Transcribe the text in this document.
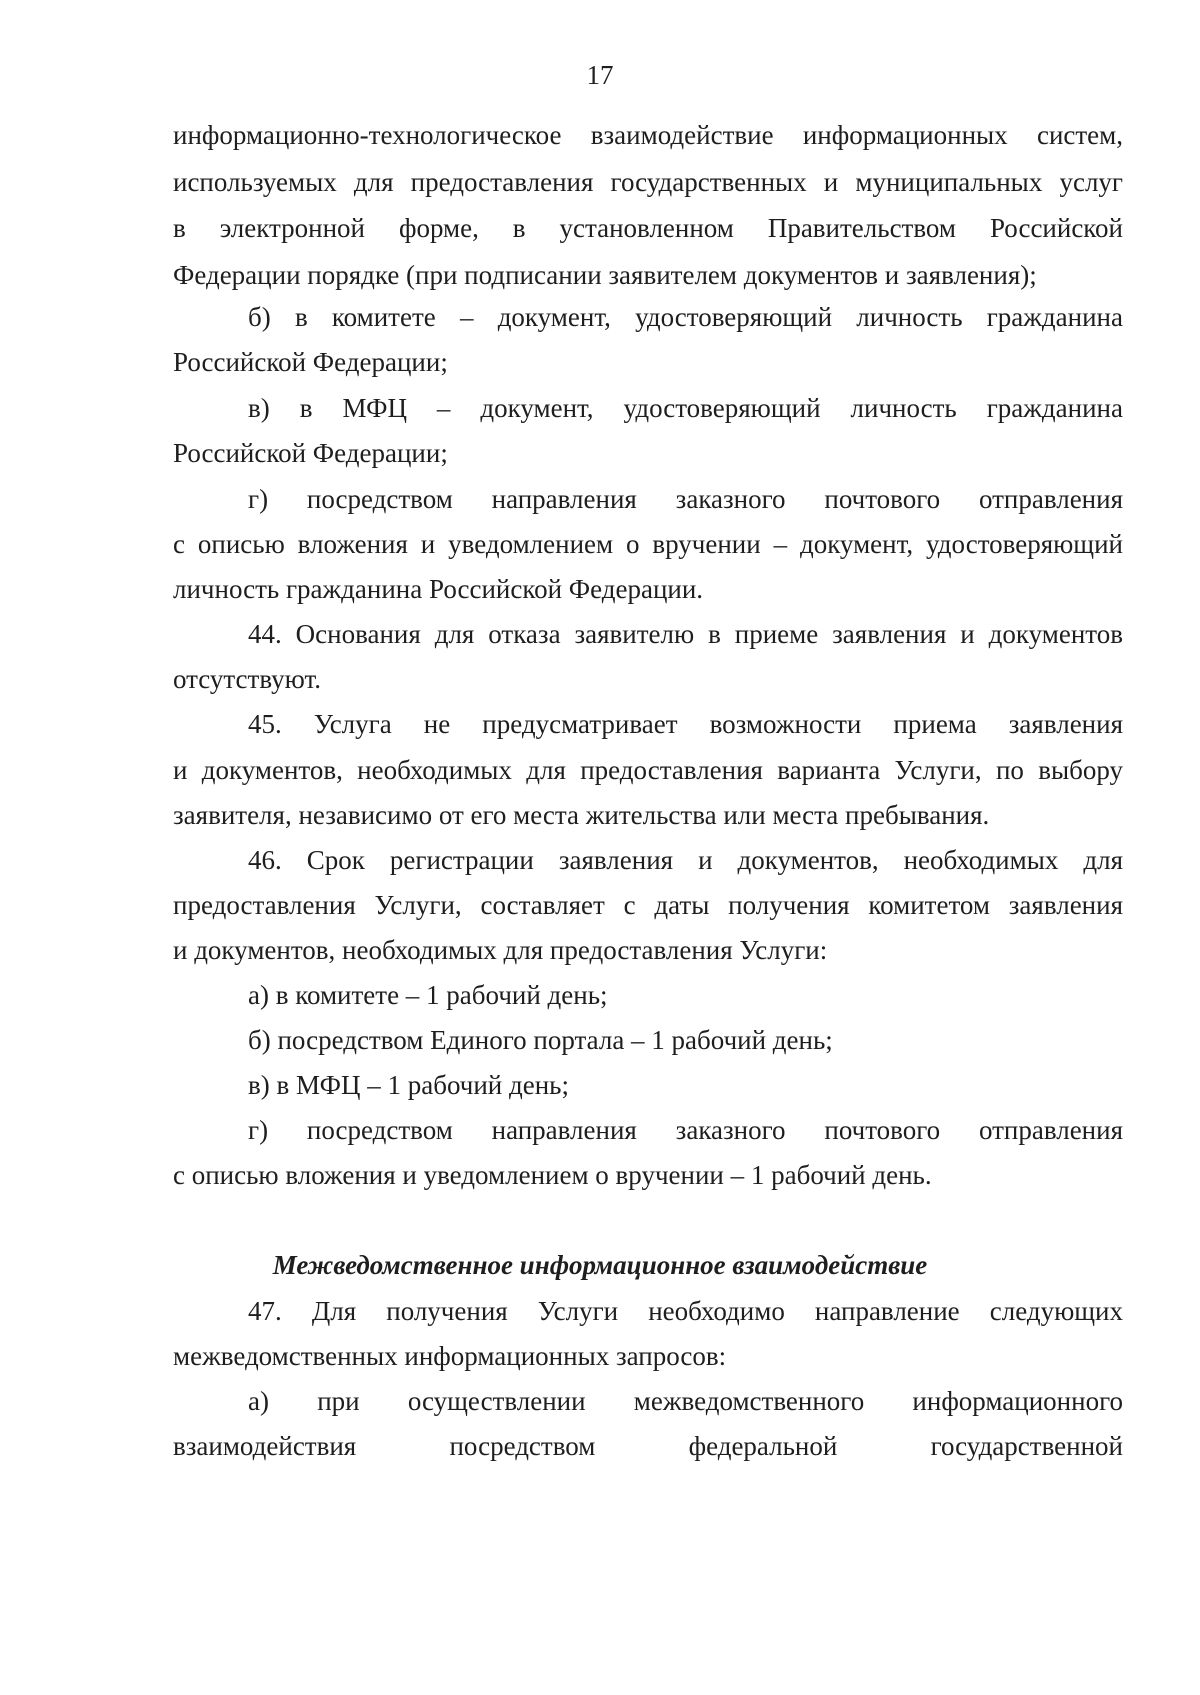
17
информационно-технологическое взаимодействие информационных систем,
используемых для предоставления государственных и муниципальных услуг
в электронной форме, в установленном Правительством Российской
Федерации порядке (при подписании заявителем документов и заявления);
б) в комитете – документ, удостоверяющий личность гражданина
Российской Федерации;
в) в МФЦ – документ, удостоверяющий личность гражданина
Российской Федерации;
г) посредством направления заказного почтового отправления
с описью вложения и уведомлением о вручении – документ, удостоверяющий
личность гражданина Российской Федерации.
44. Основания для отказа заявителю в приеме заявления и документов
отсутствуют.
45. Услуга не предусматривает возможности приема заявления
и документов, необходимых для предоставления варианта Услуги, по выбору
заявителя, независимо от его места жительства или места пребывания.
46. Срок регистрации заявления и документов, необходимых для
предоставления Услуги, составляет с даты получения комитетом заявления
и документов, необходимых для предоставления Услуги:
а) в комитете – 1 рабочий день;
б) посредством Единого портала – 1 рабочий день;
в) в МФЦ – 1 рабочий день;
г) посредством направления заказного почтового отправления
с описью вложения и уведомлением о вручении – 1 рабочий день.
Межведомственное информационное взаимодействие
47. Для получения Услуги необходимо направление следующих
межведомственных информационных запросов:
а) при осуществлении межведомственного информационного
взаимодействия посредством федеральной государственной
